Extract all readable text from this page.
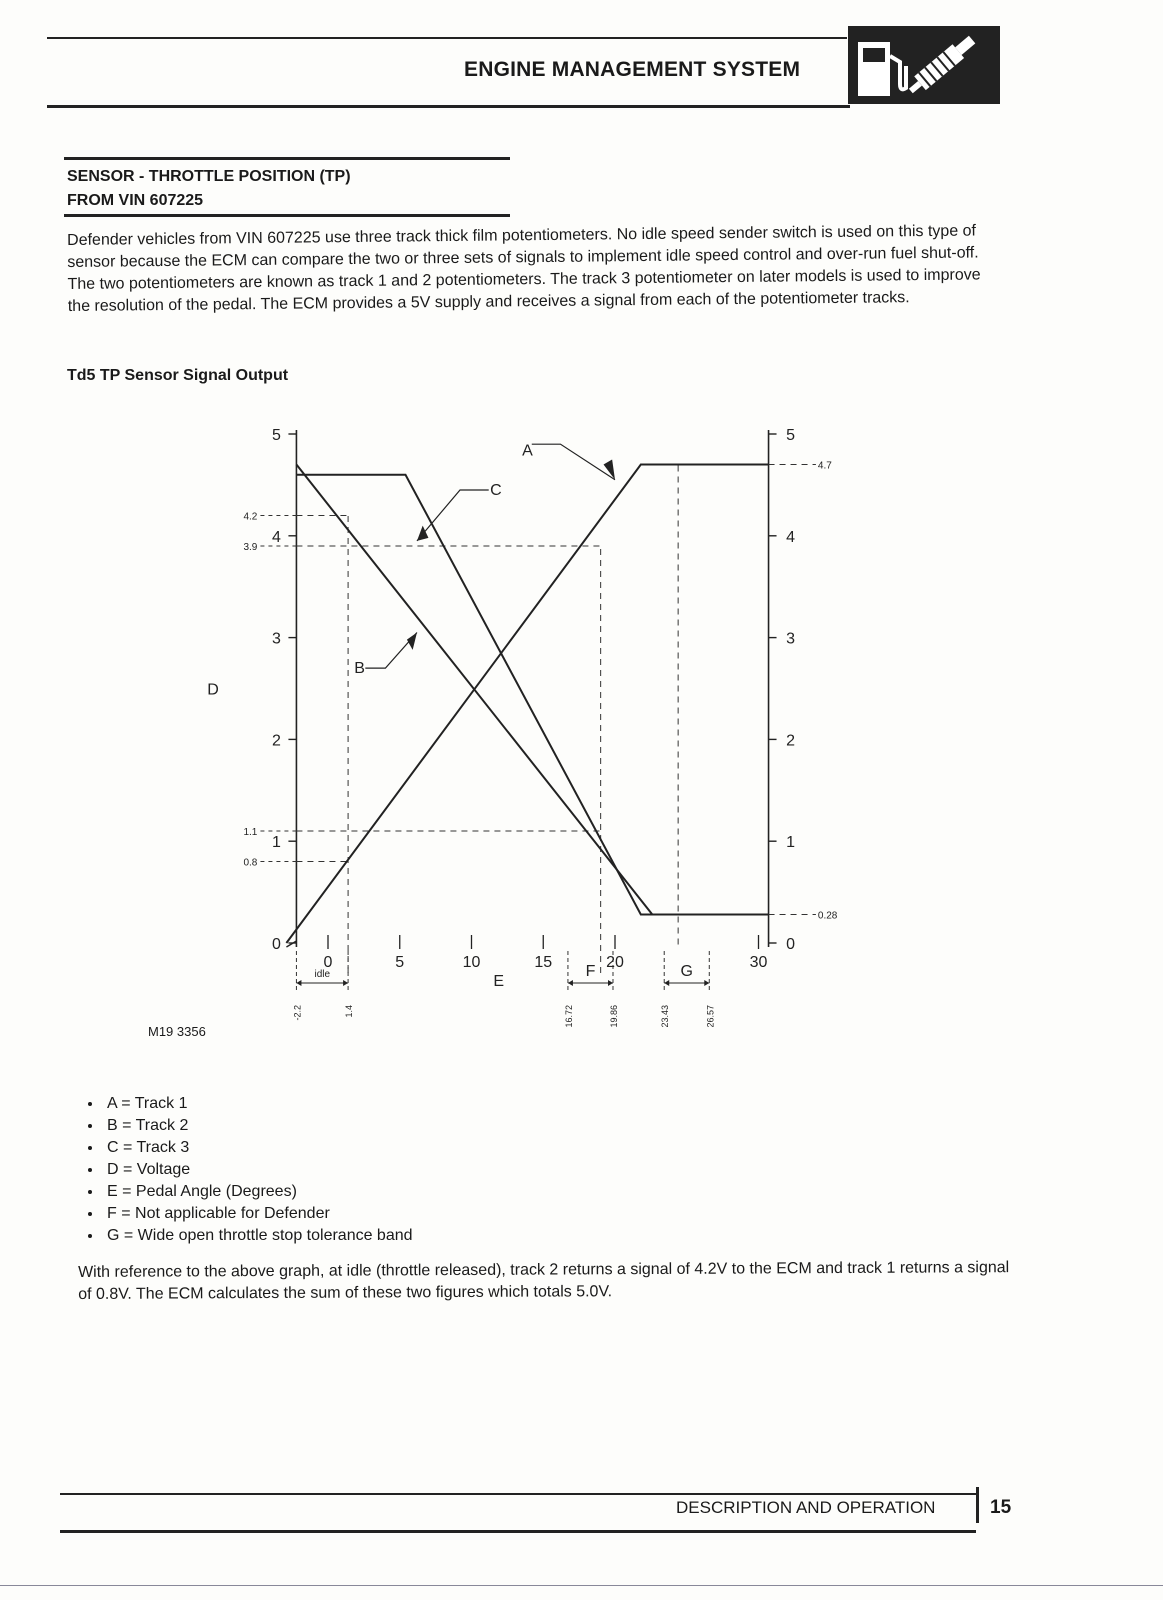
ENGINE MANAGEMENT SYSTEM
SENSOR - THROTTLE POSITION (TP)
FROM VIN 607225

Defender vehicles from VIN 607225 use three track thick film potentiometers. No idle speed sender switch is used on this type of sensor because the ECM can compare the two or three sets of signals to implement idle speed control and over-run fuel shut-off. The two potentiometers are known as track 1 and 2 potentiometers. The track 3 potentiometer on later models is used to improve the resolution of the pedal. The ECM provides a 5V supply and receives a signal from each of the potentiometer tracks.

Td5 TP Sensor Signal Output
0	0
1	1
2	2
3	3
4	4
5	5
0	5	10	15	20	30
4.2
3.9
1.1
0.8
4.7
0.28
A
C
B
D
E
idle	F	G
-2.2	1.4	16.72	19.86	23.43	26.57
M19 3356
• A = Track 1
• B = Track 2
• C = Track 3
• D = Voltage
• E = Pedal Angle (Degrees)
• F = Not applicable for Defender
• G = Wide open throttle stop tolerance band

With reference to the above graph, at idle (throttle released), track 2 returns a signal of 4.2V to the ECM and track 1 returns a signal of 0.8V. The ECM calculates the sum of these two figures which totals 5.0V.

DESCRIPTION AND OPERATION	15
